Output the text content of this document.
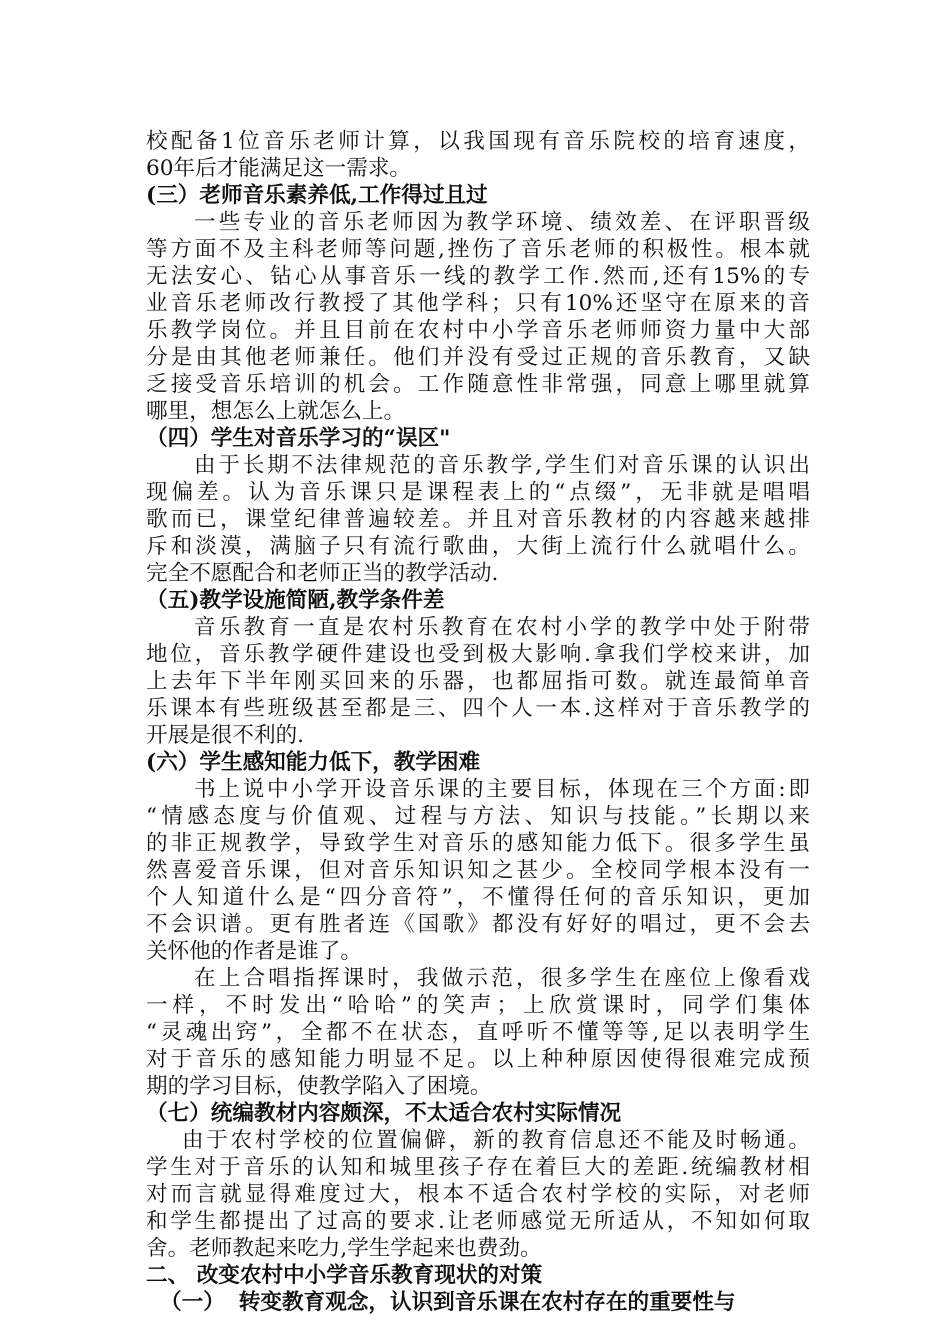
校配备1位音乐老师计算，以我国现有音乐院校的培育速度，
60年后才能满足这一需求。
(三）老师音乐素养低,工作得过且过
一些专业的音乐老师因为教学环境、绩效差、在评职晋级
等方面不及主科老师等问题,挫伤了音乐老师的积极性。根本就
无法安心、钻心从事音乐一线的教学工作.然而,还有15%的专
业音乐老师改行教授了其他学科；只有10%还坚守在原来的音
乐教学岗位。并且目前在农村中小学音乐老师师资力量中大部
分是由其他老师兼任。他们并没有受过正规的音乐教育，又缺
乏接受音乐培训的机会。工作随意性非常强，同意上哪里就算
哪里，想怎么上就怎么上。
（四）学生对音乐学习的“误区"
由于长期不法律规范的音乐教学,学生们对音乐课的认识出
现偏差。认为音乐课只是课程表上的“点缀”，无非就是唱唱
歌而已，课堂纪律普遍较差。并且对音乐教材的内容越来越排
斥和淡漠，满脑子只有流行歌曲，大街上流行什么就唱什么。
完全不愿配合和老师正当的教学活动.
（五)教学设施简陋,教学条件差
音乐教育一直是农村乐教育在农村小学的教学中处于附带
地位，音乐教学硬件建设也受到极大影响.拿我们学校来讲，加
上去年下半年刚买回来的乐器，也都屈指可数。就连最简单音
乐课本有些班级甚至都是三、四个人一本.这样对于音乐教学的
开展是很不利的.
(六）学生感知能力低下，教学困难
书上说中小学开设音乐课的主要目标，体现在三个方面:即
“情感态度与价值观、过程与方法、知识与技能。”长期以来
的非正规教学，导致学生对音乐的感知能力低下。很多学生虽
然喜爱音乐课，但对音乐知识知之甚少。全校同学根本没有一
个人知道什么是“四分音符”，不懂得任何的音乐知识，更加
不会识谱。更有胜者连《国歌》都没有好好的唱过，更不会去
关怀他的作者是谁了。
在上合唱指挥课时，我做示范，很多学生在座位上像看戏
一样，不时发出“哈哈”的笑声；上欣赏课时，同学们集体
“灵魂出窍”，全都不在状态，直呼听不懂等等,足以表明学生
对于音乐的感知能力明显不足。以上种种原因使得很难完成预
期的学习目标，使教学陷入了困境。
（七）统编教材内容颇深，不太适合农村实际情况
由于农村学校的位置偏僻，新的教育信息还不能及时畅通。
学生对于音乐的认知和城里孩子存在着巨大的差距.统编教材相
对而言就显得难度过大，根本不适合农村学校的实际，对老师
和学生都提出了过高的要求.让老师感觉无所适从，不知如何取
舍。老师教起来吃力,学生学起来也费劲。
二、 改变农村中小学音乐教育现状的对策
（一） 转变教育观念，认识到音乐课在农村存在的重要性与
